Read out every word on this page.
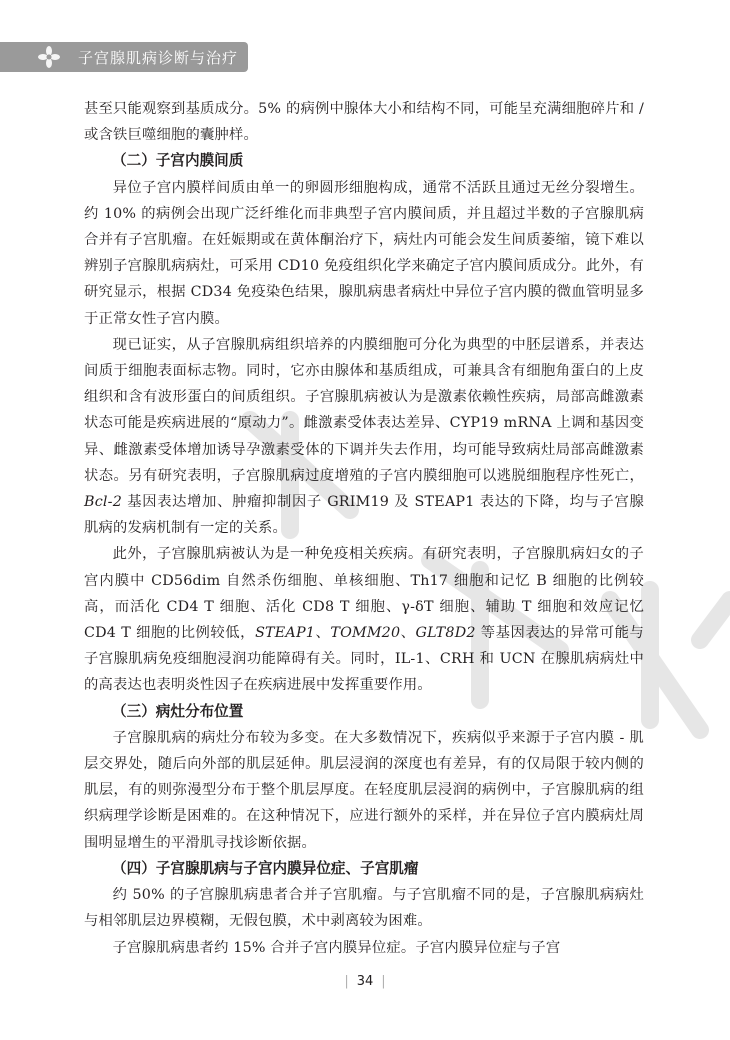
子宫腺肌病诊断与治疗

甚至只能观察到基质成分。5% 的病例中腺体大小和结构不同，可能呈充满细胞碎片和 / 或含铁巨噬细胞的囊肿样。

（二）子宫内膜间质

异位子宫内膜样间质由单一的卵圆形细胞构成，通常不活跃且通过无丝分裂增生。约 10% 的病例会出现广泛纤维化而非典型子宫内膜间质，并且超过半数的子宫腺肌病合并有子宫肌瘤。在妊娠期或在黄体酮治疗下，病灶内可能会发生间质萎缩，镜下难以辨别子宫腺肌病病灶，可采用 CD10 免疫组织化学来确定子宫内膜间质成分。此外，有研究显示，根据 CD34 免疫染色结果，腺肌病患者病灶中异位子宫内膜的微血管明显多于正常女性子宫内膜。

现已证实，从子宫腺肌病组织培养的内膜细胞可分化为典型的中胚层谱系，并表达间质于细胞表面标志物。同时，它亦由腺体和基质组成，可兼具含有细胞角蛋白的上皮组织和含有波形蛋白的间质组织。子宫腺肌病被认为是激素依赖性疾病，局部高雌激素状态可能是疾病进展的“原动力”。雌激素受体表达差异、CYP19 mRNA 上调和基因变异、雌激素受体增加诱导孕激素受体的下调并失去作用，均可能导致病灶局部高雌激素状态。另有研究表明，子宫腺肌病过度增殖的子宫内膜细胞可以逃脱细胞程序性死亡，Bcl-2 基因表达增加、肿瘤抑制因子 GRIM19 及 STEAP1 表达的下降，均与子宫腺肌病的发病机制有一定的关系。

此外，子宫腺肌病被认为是一种免疫相关疾病。有研究表明，子宫腺肌病妇女的子宫内膜中 CD56dim 自然杀伤细胞、单核细胞、Th17 细胞和记忆 B 细胞的比例较高，而活化 CD4 T 细胞、活化 CD8 T 细胞、γ-δT 细胞、辅助 T 细胞和效应记忆 CD4 T 细胞的比例较低，STEAP1、TOMM20、GLT8D2 等基因表达的异常可能与子宫腺肌病免疫细胞浸润功能障碍有关。同时，IL-1、CRH 和 UCN 在腺肌病病灶中的高表达也表明炎性因子在疾病进展中发挥重要作用。

（三）病灶分布位置

子宫腺肌病的病灶分布较为多变。在大多数情况下，疾病似乎来源于子宫内膜 - 肌层交界处，随后向外部的肌层延伸。肌层浸润的深度也有差异，有的仅局限于较内侧的肌层，有的则弥漫型分布于整个肌层厚度。在轻度肌层浸润的病例中，子宫腺肌病的组织病理学诊断是困难的。在这种情况下，应进行额外的采样，并在异位子宫内膜病灶周围明显增生的平滑肌寻找诊断依据。

（四）子宫腺肌病与子宫内膜异位症、子宫肌瘤

约 50% 的子宫腺肌病患者合并子宫肌瘤。与子宫肌瘤不同的是，子宫腺肌病病灶与相邻肌层边界模糊，无假包膜，术中剥离较为困难。

子宫腺肌病患者约 15% 合并子宫内膜异位症。子宫内膜异位症与子宫

| 34 |
